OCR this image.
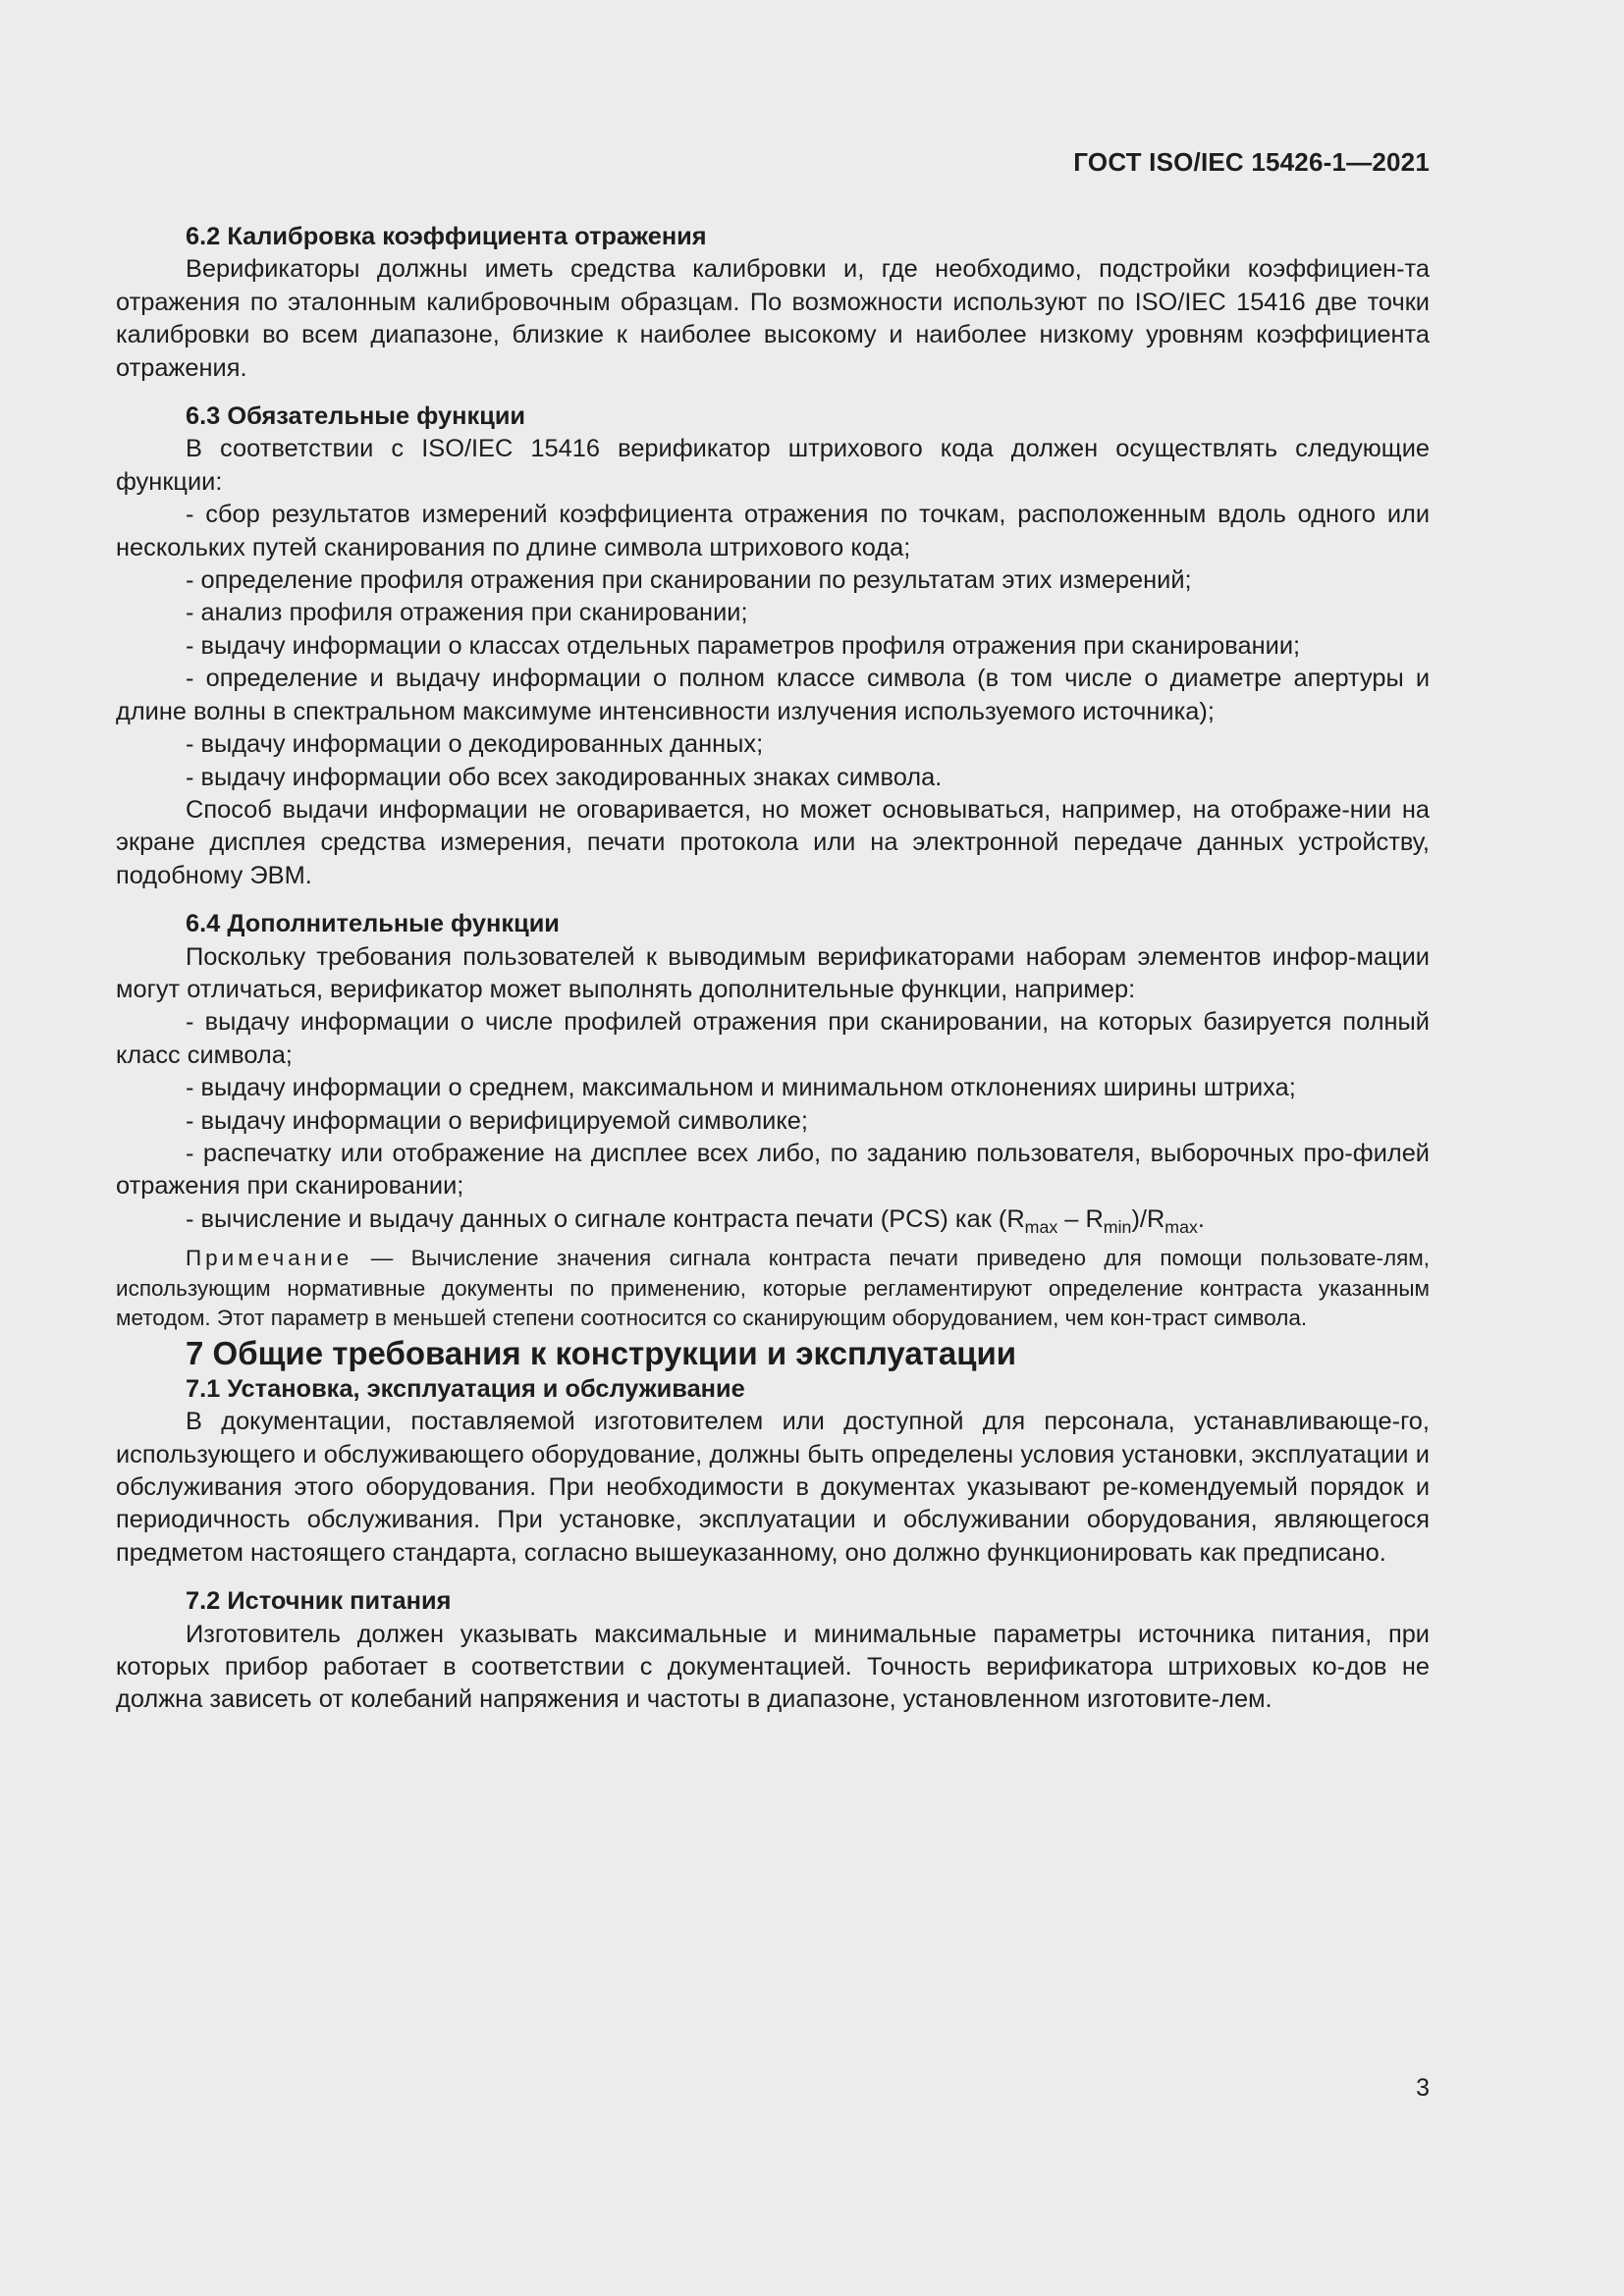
ГОСТ ISO/IEC 15426-1—2021

6.2 Калибровка коэффициента отражения

Верификаторы должны иметь средства калибровки и, где необходимо, подстройки коэффициен-та отражения по эталонным калибровочным образцам. По возможности используют по ISO/IEC 15416 две точки калибровки во всем диапазоне, близкие к наиболее высокому и наиболее низкому уровням коэффициента отражения.

6.3 Обязательные функции

В соответствии с ISO/IEC 15416 верификатор штрихового кода должен осуществлять следующие функции:

- сбор результатов измерений коэффициента отражения по точкам, расположенным вдоль одного или нескольких путей сканирования по длине символа штрихового кода;

- определение профиля отражения при сканировании по результатам этих измерений;

- анализ профиля отражения при сканировании;

- выдачу информации о классах отдельных параметров профиля отражения при сканировании;

- определение и выдачу информации о полном классе символа (в том числе о диаметре апертуры и длине волны в спектральном максимуме интенсивности излучения используемого источника);

- выдачу информации о декодированных данных;

- выдачу информации обо всех закодированных знаках символа.

Способ выдачи информации не оговаривается, но может основываться, например, на отображе-нии на экране дисплея средства измерения, печати протокола или на электронной передаче данных устройству, подобному ЭВМ.

6.4 Дополнительные функции

Поскольку требования пользователей к выводимым верификаторами наборам элементов инфор-мации могут отличаться, верификатор может выполнять дополнительные функции, например:

- выдачу информации о числе профилей отражения при сканировании, на которых базируется полный класс символа;

- выдачу информации о среднем, максимальном и минимальном отклонениях ширины штриха;

- выдачу информации о верифицируемой символике;

- распечатку или отображение на дисплее всех либо, по заданию пользователя, выборочных про-филей отражения при сканировании;

- вычисление и выдачу данных о сигнале контраста печати (PCS) как $(R_{max} - R_{min})/R_{max}$.

Примечание — Вычисление значения сигнала контраста печати приведено для помощи пользовате-лям, использующим нормативные документы по применению, которые регламентируют определение контраста указанным методом. Этот параметр в меньшей степени соотносится со сканирующим оборудованием, чем кон-траст символа.

7 Общие требования к конструкции и эксплуатации

7.1 Установка, эксплуатация и обслуживание

В документации, поставляемой изготовителем или доступной для персонала, устанавливающе-го, использующего и обслуживающего оборудование, должны быть определены условия установки, эксплуатации и обслуживания этого оборудования. При необходимости в документах указывают ре-комендуемый порядок и периодичность обслуживания. При установке, эксплуатации и обслуживании оборудования, являющегося предметом настоящего стандарта, согласно вышеуказанному, оно должно функционировать как предписано.

7.2 Источник питания

Изготовитель должен указывать максимальные и минимальные параметры источника питания, при которых прибор работает в соответствии с документацией. Точность верификатора штриховых ко-дов не должна зависеть от колебаний напряжения и частоты в диапазоне, установленном изготовите-лем.

3
